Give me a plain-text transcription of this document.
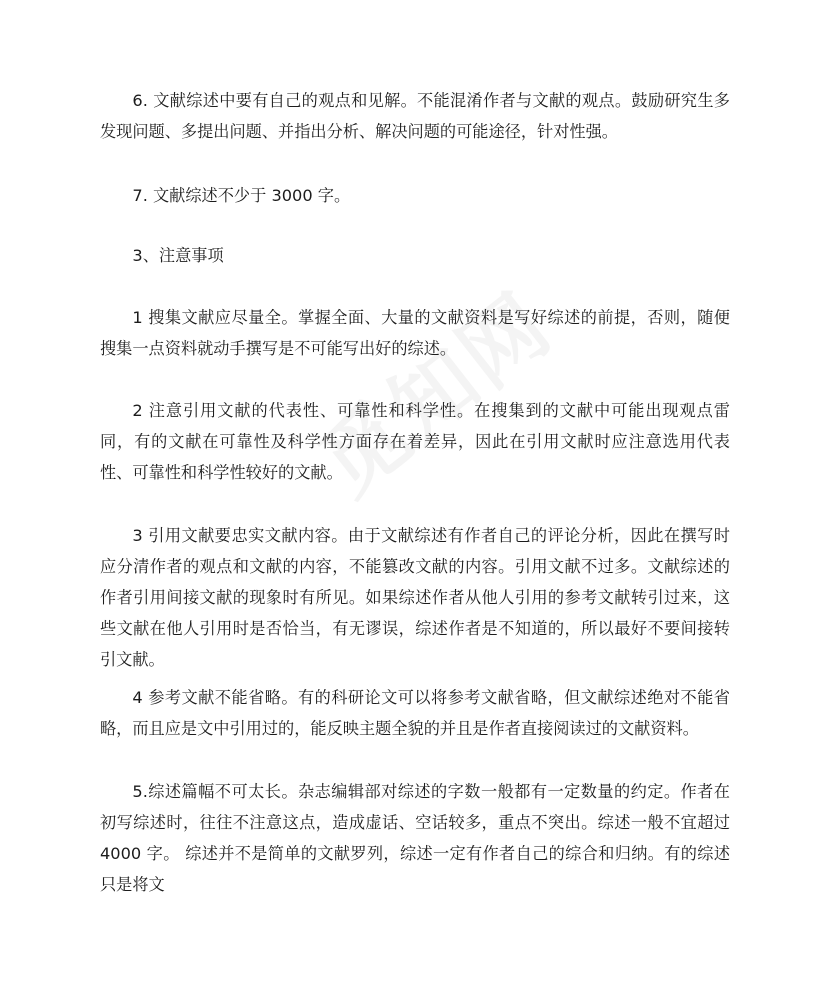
6. 文献综述中要有自己的观点和见解。不能混淆作者与文献的观点。鼓励研究生多发现问题、多提出问题、并指出分析、解决问题的可能途径，针对性强。

7. 文献综述不少于 3000 字。

3、注意事项

1 搜集文献应尽量全。掌握全面、大量的文献资料是写好综述的前提，否则，随便搜集一点资料就动手撰写是不可能写出好的综述。

2 注意引用文献的代表性、可靠性和科学性。在搜集到的文献中可能出现观点雷同，有的文献在可靠性及科学性方面存在着差异，因此在引用文献时应注意选用代表性、可靠性和科学性较好的文献。

3 引用文献要忠实文献内容。由于文献综述有作者自己的评论分析，因此在撰写时应分清作者的观点和文献的内容，不能篡改文献的内容。引用文献不过多。文献综述的作者引用间接文献的现象时有所见。如果综述作者从他人引用的参考文献转引过来，这些文献在他人引用时是否恰当，有无谬误，综述作者是不知道的，所以最好不要间接转引文献。

4 参考文献不能省略。有的科研论文可以将参考文献省略，但文献综述绝对不能省略，而且应是文中引用过的，能反映主题全貌的并且是作者直接阅读过的文献资料。

5.综述篇幅不可太长。杂志编辑部对综述的字数一般都有一定数量的约定。作者在初写综述时，往往不注意这点，造成虚话、空话较多，重点不突出。综述一般不宜超过 4000 字。 综述并不是简单的文献罗列，综述一定有作者自己的综合和归纳。有的综述只是将文
